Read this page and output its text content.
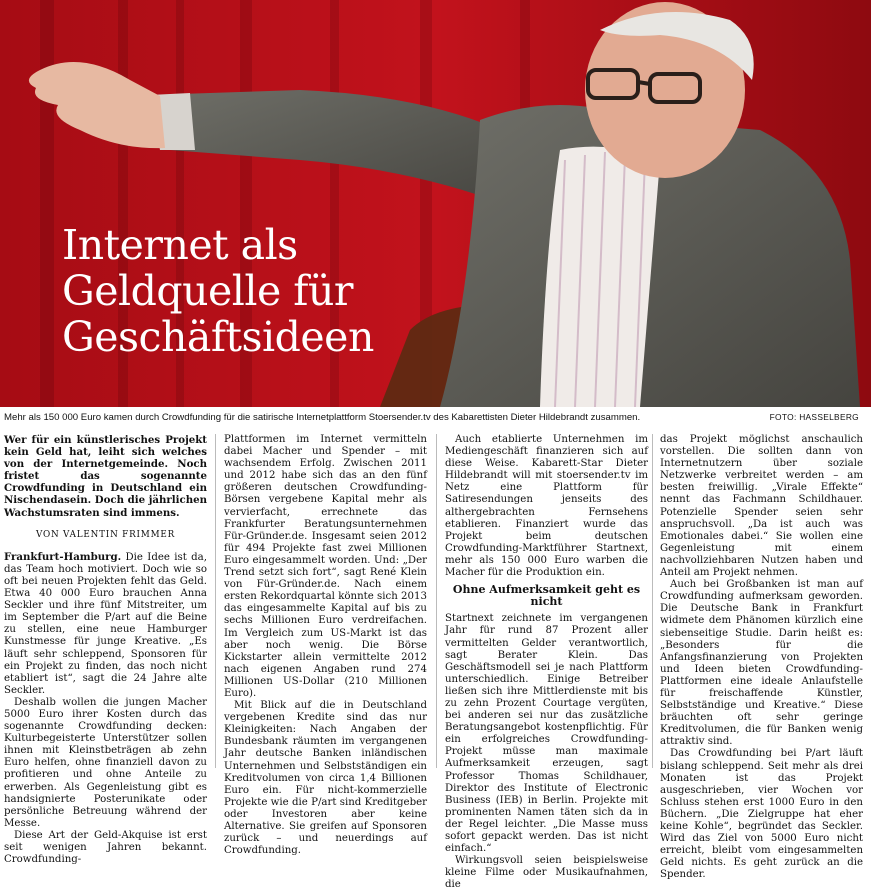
Internet als
Geldquelle für
Geschäftsideen
Mehr als 150 000 Euro kamen durch Crowdfunding für die satirische Internetplattform Stoersender.tv des Kabarettisten Dieter Hildebrandt zusammen.	FOTO: HASSELBERG

Wer für ein künstlerisches Projekt kein Geld hat, leiht sich welches von der Internetgemeinde. Noch fristet das sogenannte Crowdfunding in Deutschland ein Nischendasein. Doch die jährlichen Wachstumsraten sind immens.

VON VALENTIN FRIMMER

Frankfurt-Hamburg. Die Idee ist da, das Team hoch motiviert. Doch wie so oft bei neuen Projekten fehlt das Geld. Etwa 40 000 Euro brauchen Anna Seckler und ihre fünf Mitstreiter, um im September die P/art auf die Beine zu stellen, eine neue Hamburger Kunstmesse für junge Kreative. „Es läuft sehr schleppend, Sponsoren für ein Projekt zu finden, das noch nicht etabliert ist“, sagt die 24 Jahre alte Seckler.

Deshalb wollen die jungen Macher 5000 Euro ihrer Kosten durch das sogenannte Crowdfunding decken: Kulturbegeisterte Unterstützer sollen ihnen mit Kleinstbeträgen ab zehn Euro helfen, ohne finanziell davon zu profitieren und ohne Anteile zu erwerben. Als Gegenleistung gibt es handsignierte Posterunikate oder persönliche Betreuung während der Messe.

Diese Art der Geld-Akquise ist erst seit wenigen Jahren bekannt. Crowdfunding-

Plattformen im Internet vermitteln dabei Macher und Spender – mit wachsendem Erfolg. Zwischen 2011 und 2012 habe sich das an den fünf größeren deutschen Crowdfunding-Börsen vergebene Kapital mehr als vervierfacht, errechnete das Frankfurter Beratungsunternehmen Für-Gründer.de. Insgesamt seien 2012 für 494 Projekte fast zwei Millionen Euro eingesammelt worden. Und: „Der Trend setzt sich fort“, sagt René Klein von Für-Gründer.de. Nach einem ersten Rekordquartal könnte sich 2013 das eingesammelte Kapital auf bis zu sechs Millionen Euro verdreifachen. Im Vergleich zum US-Markt ist das aber noch wenig. Die Börse Kickstarter allein vermittelte 2012 nach eigenen Angaben rund 274 Millionen US-Dollar (210 Millionen Euro).

Mit Blick auf die in Deutschland vergebenen Kredite sind das nur Kleinigkeiten: Nach Angaben der Bundesbank räumten im vergangenen Jahr deutsche Banken inländischen Unternehmen und Selbstständigen ein Kreditvolumen von circa 1,4 Billionen Euro ein. Für nicht-kommerzielle Projekte wie die P/art sind Kreditgeber oder Investoren aber keine Alternative. Sie greifen auf Sponsoren zurück – und neuerdings auf Crowdfunding.

Auch etablierte Unternehmen im Mediengeschäft finanzieren sich auf diese Weise. Kabarett-Star Dieter Hildebrandt will mit stoersender.tv im Netz eine Plattform für Satiresendungen jenseits des althergebrachten Fernsehens etablieren. Finanziert wurde das Projekt beim deutschen Crowdfunding-Marktführer Startnext, mehr als 150 000 Euro warben die Macher für die Produktion ein.

Ohne Aufmerksamkeit geht es nicht

Startnext zeichnete im vergangenen Jahr für rund 87 Prozent aller vermittelten Gelder verantwortlich, sagt Berater Klein. Das Geschäftsmodell sei je nach Plattform unterschiedlich. Einige Betreiber ließen sich ihre Mittlerdienste mit bis zu zehn Prozent Courtage vergüten, bei anderen sei nur das zusätzliche Beratungsangebot kostenpflichtig. Für ein erfolgreiches Crowdfunding-Projekt müsse man maximale Aufmerksamkeit erzeugen, sagt Professor Thomas Schildhauer, Direktor des Institute of Electronic Business (IEB) in Berlin. Projekte mit prominenten Namen täten sich da in der Regel leichter. „Die Masse muss sofort gepackt werden. Das ist nicht einfach.“

Wirkungsvoll seien beispielsweise kleine Filme oder Musikaufnahmen, die

das Projekt möglichst anschaulich vorstellen. Die sollten dann von Internetnutzern über soziale Netzwerke verbreitet werden – am besten freiwillig. „Virale Effekte“ nennt das Fachmann Schildhauer. Potenzielle Spender seien sehr anspruchsvoll. „Da ist auch was Emotionales dabei.“ Sie wollen eine Gegenleistung mit einem nachvollziehbaren Nutzen haben und Anteil am Projekt nehmen.

Auch bei Großbanken ist man auf Crowdfunding aufmerksam geworden. Die Deutsche Bank in Frankfurt widmete dem Phänomen kürzlich eine siebenseitige Studie. Darin heißt es: „Besonders für die Anfangsfinanzierung von Projekten und Ideen bieten Crowdfunding-Plattformen eine ideale Anlaufstelle für freischaffende Künstler, Selbstständige und Kreative.“ Diese bräuchten oft sehr geringe Kreditvolumen, die für Banken wenig attraktiv sind.

Das Crowdfunding bei P/art läuft bislang schleppend. Seit mehr als drei Monaten ist das Projekt ausgeschrieben, vier Wochen vor Schluss stehen erst 1000 Euro in den Büchern. „Die Zielgruppe hat eher keine Kohle“, begründet das Seckler. Wird das Ziel von 5000 Euro nicht erreicht, bleibt vom eingesammelten Geld nichts. Es geht zurück an die Spender.
